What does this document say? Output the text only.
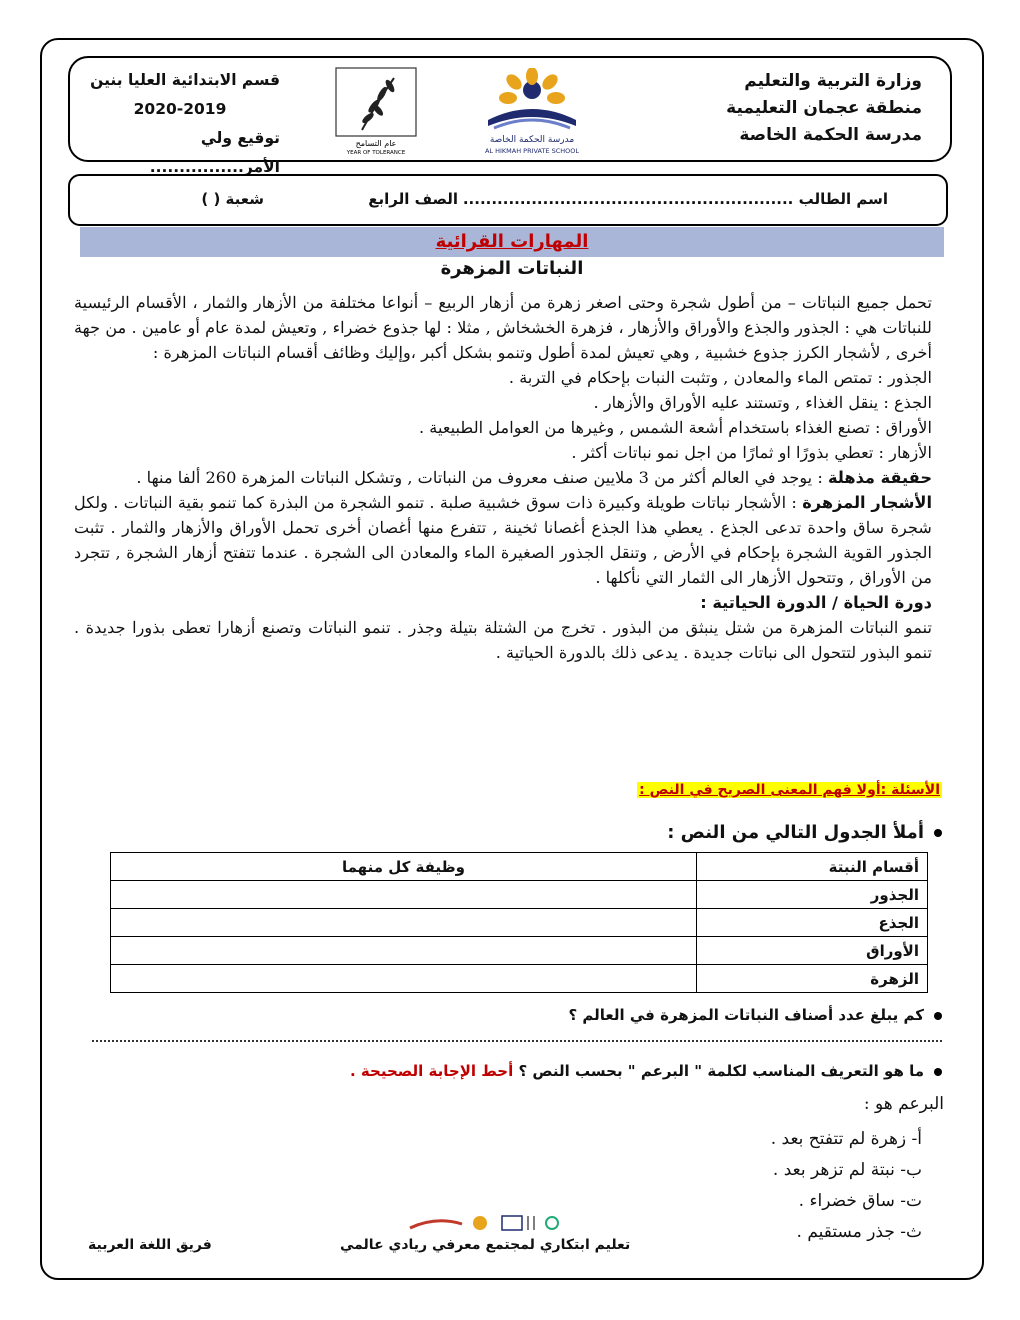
وزارة التربية والتعليم
منطقة عجمان التعليمية
مدرسة الحكمة الخاصة
مدرسة الحكمة الخاصة
AL HIKMAH PRIVATE SCHOOL
عام التسامح
YEAR OF TOLERANCE
قسم الابتدائية العليا بنين
2020-2019
توقيع ولي الأمر................
اسم الطالب ..........................................................
الصف الرابع
شعبة ( )
المهارات القرائية
النباتات المزهرة

تحمل جميع النباتات – من أطول شجرة وحتى اصغر زهرة من أزهار الربيع – أنواعا مختلفة من الأزهار والثمار ، الأقسام الرئيسية للنباتات هي : الجذور والجذع والأوراق والأزهار ، فزهرة الخشخاش , مثلا : لها جذوع خضراء , وتعيش لمدة عام أو عامين . من جهة أخرى , لأشجار الكرز جذوع خشبية , وهي تعيش لمدة أطول وتنمو بشكل أكبر ،وإليك وظائف أقسام النباتات المزهرة :

الجذور : تمتص الماء والمعادن , وتثبت النبات بإحكام في التربة .

الجذع : ينقل الغذاء , وتستند عليه الأوراق والأزهار .

الأوراق : تصنع الغذاء باستخدام أشعة الشمس , وغيرها من العوامل الطبيعية .

الأزهار : تعطي بذورًا او ثمارًا من اجل نمو نباتات أكثر .

حقيقة مذهلة : يوجد في العالم أكثر من 3 ملايين صنف معروف من النباتات , وتشكل النباتات المزهرة 260 ألفا منها .

الأشجار المزهرة : الأشجار نباتات طويلة وكبيرة ذات سوق خشبية صلبة . تنمو الشجرة من البذرة كما تنمو بقية النباتات . ولكل شجرة ساق واحدة تدعى الجذع . يعطي هذا الجذع أغصانا ثخينة , تتفرع منها أغصان أخرى تحمل الأوراق والأزهار والثمار . تثبت الجذور القوية الشجرة بإحكام في الأرض , وتنقل الجذور الصغيرة الماء والمعادن الى الشجرة . عندما تتفتح أزهار الشجرة , تتجرد من الأوراق , وتتحول الأزهار الى الثمار التي نأكلها .

دورة الحياة / الدورة الحياتية :

تنمو النباتات المزهرة من شتل ينبثق من البذور . تخرج من الشتلة بتيلة وجذر . تنمو النباتات وتصنع أزهارا تعطى بذورا جديدة . تنمو البذور لتتحول الى نباتات جديدة . يدعى ذلك بالدورة الحياتية .

الأسئلة :أولا فهم المعنى الصريح في النص :
أملأ الجدول التالي من النص :
أقسام النبتة	وظيفة كل منهما
الجذور	
الجذع	
الأوراق	
الزهرة	
كم يبلغ عدد أصناف النباتات المزهرة في العالم ؟
ما هو التعريف المناسب لكلمة " البرعم " بحسب النص ؟ أحط الإجابة الصحيحة .
البرعم هو :
أ- زهرة لم تتفتح بعد .
ب- نبتة لم تزهر بعد .
ت- ساق خضراء .
ث- جذر مستقيم .
تعليم ابتكاري لمجتمع معرفي ريادي عالمي
فريق اللغة العربية
